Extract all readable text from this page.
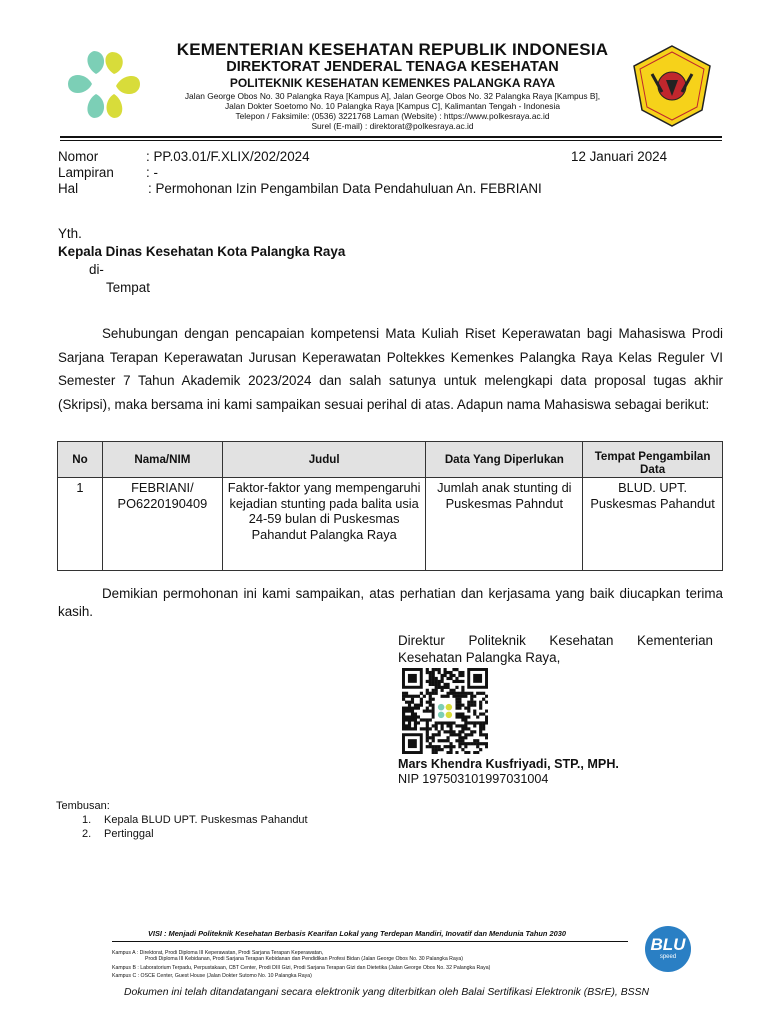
KEMENTERIAN KESEHATAN REPUBLIK INDONESIA
DIREKTORAT JENDERAL TENAGA KESEHATAN
POLITEKNIK KESEHATAN KEMENKES PALANGKA RAYA
Jalan George Obos No. 30 Palangka Raya [Kampus A], Jalan George Obos No. 32 Palangka Raya [Kampus B],
Jalan Dokter Soetomo No. 10 Palangka Raya [Kampus C], Kalimantan Tengah - Indonesia
Telepon / Faksimile: (0536) 3221768 Laman (Website) : https://www.polkesraya.ac.id
Surel (E-mail) : direktorat@polkesraya.ac.id
Nomor	: PP.03.01/F.XLIX/202/2024	12 Januari 2024
Lampiran : -
Hal	: Permohonan Izin Pengambilan Data Pendahuluan An. FEBRIANI
Yth.
Kepala Dinas Kesehatan Kota Palangka Raya
di-
Tempat
Sehubungan dengan pencapaian kompetensi Mata Kuliah Riset Keperawatan bagi Mahasiswa Prodi Sarjana Terapan Keperawatan Jurusan Keperawatan Poltekkes Kemenkes Palangka Raya Kelas Reguler VI Semester 7 Tahun Akademik 2023/2024 dan salah satunya untuk melengkapi data proposal tugas akhir (Skripsi), maka bersama ini kami sampaikan sesuai perihal di atas. Adapun nama Mahasiswa sebagai berikut:
No	Nama/NIM	Judul	Data Yang Diperlukan	Tempat Pengambilan Data
1	FEBRIANI/ PO6220190409	Faktor-faktor yang mempengaruhi kejadian stunting pada balita usia 24-59 bulan di Puskesmas Pahandut Palangka Raya	Jumlah anak stunting di Puskesmas Pahndut	BLUD. UPT. Puskesmas Pahandut
Demikian permohonan ini kami sampaikan, atas perhatian dan kerjasama yang baik diucapkan terima kasih.
Direktur Politeknik Kesehatan Kementerian
Kesehatan Palangka Raya,
Mars Khendra Kusfriyadi, STP., MPH.
NIP 197503101997031004
Tembusan:
1. Kepala BLUD UPT. Puskesmas Pahandut
2. Pertinggal
VISI : Menjadi Politeknik Kesehatan Berbasis Kearifan Lokal yang Terdepan Mandiri, Inovatif dan Mendunia Tahun 2030
Kampus A : Direktorat, Prodi Diploma III Keperawatan, Prodi Sarjana Terapan Keperawatan,
Prodi Diploma III Kebidanan, Prodi Sarjana Terapan Kebidanan dan Pendidikan Profesi Bidan (Jalan George Obos No. 30 Palangka Raya)
Kampus B : Laboratorium Terpadu, Perpustakaan, CBT Center, Prodi DIII Gizi, Prodi Sarjana Terapan Gizi dan Dietetika (Jalan George Obos No. 32 Palangka Raya)
Kampus C : OSCE Center, Guest House (Jalan Dokter Sutomo No. 10 Palangka Raya)
BLU
speed
Dokumen ini telah ditandatangani secara elektronik yang diterbitkan oleh Balai Sertifikasi Elektronik (BSrE), BSSN
